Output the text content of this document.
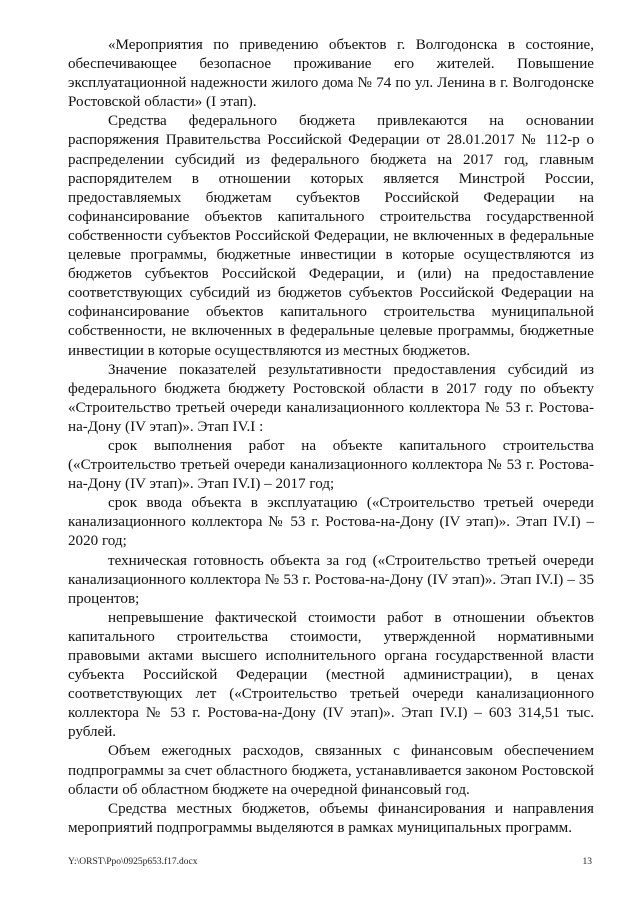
«Мероприятия по приведению объектов г. Волгодонска в состояние, обеспечивающее безопасное проживание его жителей. Повышение эксплуатационной надежности жилого дома № 74 по ул. Ленина в г. Волгодонске Ростовской области» (I этап).

Средства федерального бюджета привлекаются на основании распоряжения Правительства Российской Федерации от 28.01.2017 № 112-р о распределении субсидий из федерального бюджета на 2017 год, главным распорядителем в отношении которых является Минстрой России, предоставляемых бюджетам субъектов Российской Федерации на софинансирование объектов капитального строительства государственной собственности субъектов Российской Федерации, не включенных в федеральные целевые программы, бюджетные инвестиции в которые осуществляются из бюджетов субъектов Российской Федерации, и (или) на предоставление соответствующих субсидий из бюджетов субъектов Российской Федерации на софинансирование объектов капитального строительства муниципальной собственности, не включенных в федеральные целевые программы, бюджетные инвестиции в которые осуществляются из местных бюджетов.

Значение показателей результативности предоставления субсидий из федерального бюджета бюджету Ростовской области в 2017 году по объекту «Строительство третьей очереди канализационного коллектора № 53 г. Ростова-на-Дону (IV этап)». Этап IV.I :

срок выполнения работ на объекте капитального строительства («Строительство третьей очереди канализационного коллектора № 53 г. Ростова-на-Дону (IV этап)». Этап IV.I) – 2017 год;

срок ввода объекта в эксплуатацию («Строительство третьей очереди канализационного коллектора № 53 г. Ростова-на-Дону (IV этап)». Этап IV.I) – 2020 год;

техническая готовность объекта за год («Строительство третьей очереди канализационного коллектора № 53 г. Ростова-на-Дону (IV этап)». Этап IV.I) – 35 процентов;

непревышение фактической стоимости работ в отношении объектов капитального строительства стоимости, утвержденной нормативными правовыми актами высшего исполнительного органа государственной власти субъекта Российской Федерации (местной администрации), в ценах соответствующих лет («Строительство третьей очереди канализационного коллектора № 53 г. Ростова-на-Дону (IV этап)». Этап IV.I) – 603 314,51 тыс. рублей.

Объем ежегодных расходов, связанных с финансовым обеспечением подпрограммы за счет областного бюджета, устанавливается законом Ростовской области об областном бюджете на очередной финансовый год.

Средства местных бюджетов, объемы финансирования и направления мероприятий подпрограммы выделяются в рамках муниципальных программ.

Y:\ORST\Ppo\0925p653.f17.docx	13
